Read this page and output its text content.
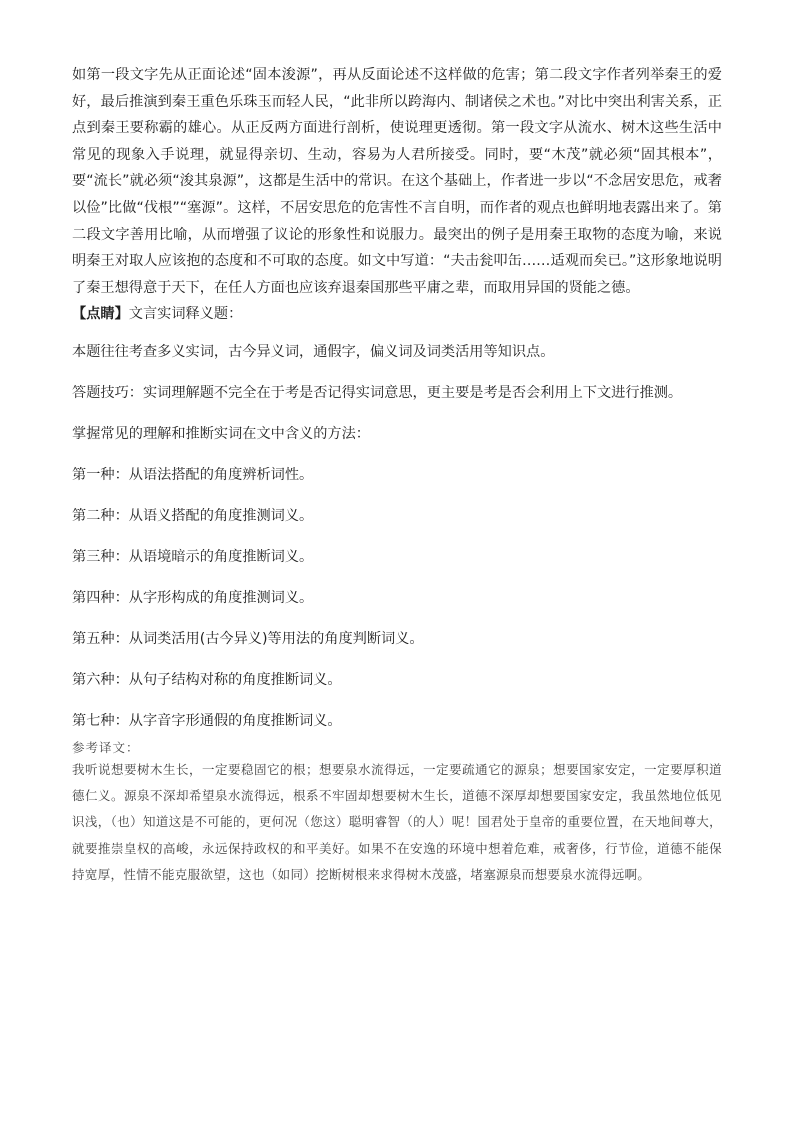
如第一段文字先从正面论述“固本浚源”，再从反面论述不这样做的危害；第二段文字作者列举秦王的爱好，最后推演到秦王重色乐珠玉而轻人民，“此非所以跨海内、制诸侯之术也。”对比中突出利害关系，正点到秦王要称霸的雄心。从正反两方面进行剖析，使说理更透彻。第一段文字从流水、树木这些生活中常见的现象入手说理，就显得亲切、生动，容易为人君所接受。同时，要“木茂”就必须“固其根本”，要“流长”就必须“浚其泉源”，这都是生活中的常识。在这个基础上，作者进一步以“不念居安思危，戒奢以俭”比做“伐根”“塞源”。这样，不居安思危的危害性不言自明，而作者的观点也鲜明地表露出来了。第二段文字善用比喻，从而增强了议论的形象性和说服力。最突出的例子是用秦王取物的态度为喻，来说明秦王对取人应该抱的态度和不可取的态度。如文中写道：“夫击瓮叩缶……适观而矣已。”这形象地说明了秦王想得意于天下，在任人方面也应该弃退秦国那些平庸之辈，而取用异国的贤能之德。

【点睛】文言实词释义题：

本题往往考查多义实词，古今异义词，通假字，偏义词及词类活用等知识点。

答题技巧：实词理解题不完全在于考是否记得实词意思，更主要是考是否会利用上下文进行推测。

掌握常见的理解和推断实词在文中含义的方法：

第一种：从语法搭配的角度辨析词性。

第二种：从语义搭配的角度推测词义。

第三种：从语境暗示的角度推断词义。

第四种：从字形构成的角度推测词义。

第五种：从词类活用(古今异义)等用法的角度判断词义。

第六种：从句子结构对称的角度推断词义。

第七种：从字音字形通假的角度推断词义。

参考译文：

我听说想要树木生长，一定要稳固它的根；想要泉水流得远，一定要疏通它的源泉；想要国家安定，一定要厚积道德仁义。源泉不深却希望泉水流得远，根系不牢固却想要树木生长，道德不深厚却想要国家安定，我虽然地位低见识浅，（也）知道这是不可能的，更何况（您这）聪明睿智（的人）呢！国君处于皇帝的重要位置，在天地间尊大，就要推崇皇权的高峻，永远保持政权的和平美好。如果不在安逸的环境中想着危难，戒奢侈，行节俭，道德不能保持宽厚，性情不能克服欲望，这也（如同）挖断树根来求得树木茂盛，堵塞源泉而想要泉水流得远啊。
